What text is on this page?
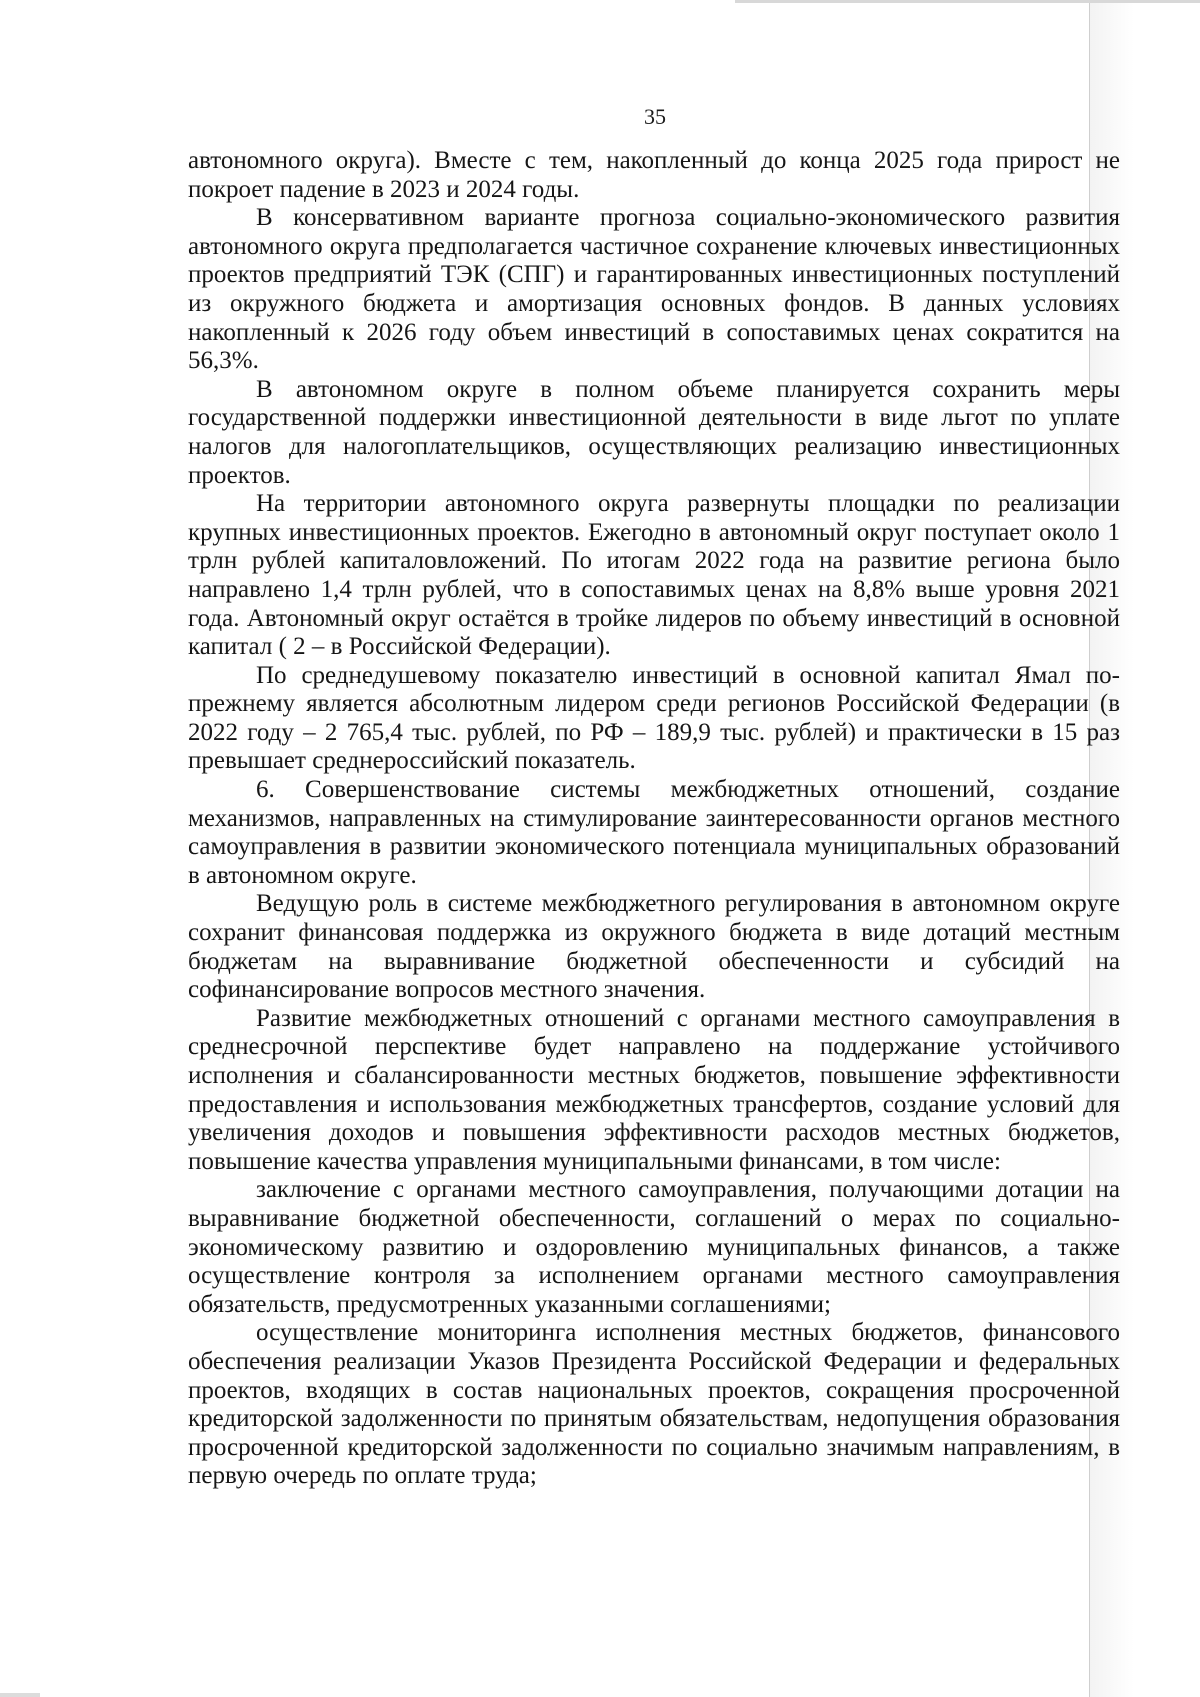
35

автономного округа). Вместе с тем, накопленный до конца 2025 года прирост не покроет падение в 2023 и 2024 годы.

В консервативном варианте прогноза социально-экономического развития автономного округа предполагается частичное сохранение ключевых инвестиционных проектов предприятий ТЭК (СПГ) и гарантированных инвестиционных поступлений из окружного бюджета и амортизация основных фондов. В данных условиях накопленный к 2026 году объем инвестиций в сопоставимых ценах сократится на 56,3%.

В автономном округе в полном объеме планируется сохранить меры государственной поддержки инвестиционной деятельности в виде льгот по уплате налогов для налогоплательщиков, осуществляющих реализацию инвестиционных проектов.

На территории автономного округа развернуты площадки по реализации крупных инвестиционных проектов. Ежегодно в автономный округ поступает около 1 трлн рублей капиталовложений. По итогам 2022 года на развитие региона было направлено 1,4 трлн рублей, что в сопоставимых ценах на 8,8% выше уровня 2021 года. Автономный округ остаётся в тройке лидеров по объему инвестиций в основной капитал ( 2 – в Российской Федерации).

По среднедушевому показателю инвестиций в основной капитал Ямал по-прежнему является абсолютным лидером среди регионов Российской Федерации (в 2022 году – 2 765,4 тыс. рублей, по РФ – 189,9 тыс. рублей) и практически в 15 раз превышает среднероссийский показатель.

6. Совершенствование системы межбюджетных отношений, создание механизмов, направленных на стимулирование заинтересованности органов местного самоуправления в развитии экономического потенциала муниципальных образований в автономном округе.

Ведущую роль в системе межбюджетного регулирования в автономном округе сохранит финансовая поддержка из окружного бюджета в виде дотаций местным бюджетам на выравнивание бюджетной обеспеченности и субсидий на софинансирование вопросов местного значения.

Развитие межбюджетных отношений с органами местного самоуправления в среднесрочной перспективе будет направлено на поддержание устойчивого исполнения и сбалансированности местных бюджетов, повышение эффективности предоставления и использования межбюджетных трансфертов, создание условий для увеличения доходов и повышения эффективности расходов местных бюджетов, повышение качества управления муниципальными финансами, в том числе:

заключение с органами местного самоуправления, получающими дотации на выравнивание бюджетной обеспеченности, соглашений о мерах по социально-экономическому развитию и оздоровлению муниципальных финансов, а также осуществление контроля за исполнением органами местного самоуправления обязательств, предусмотренных указанными соглашениями;

осуществление мониторинга исполнения местных бюджетов, финансового обеспечения реализации Указов Президента Российской Федерации и федеральных проектов, входящих в состав национальных проектов, сокращения просроченной кредиторской задолженности по принятым обязательствам, недопущения образования просроченной кредиторской задолженности по социально значимым направлениям, в первую очередь по оплате труда;
